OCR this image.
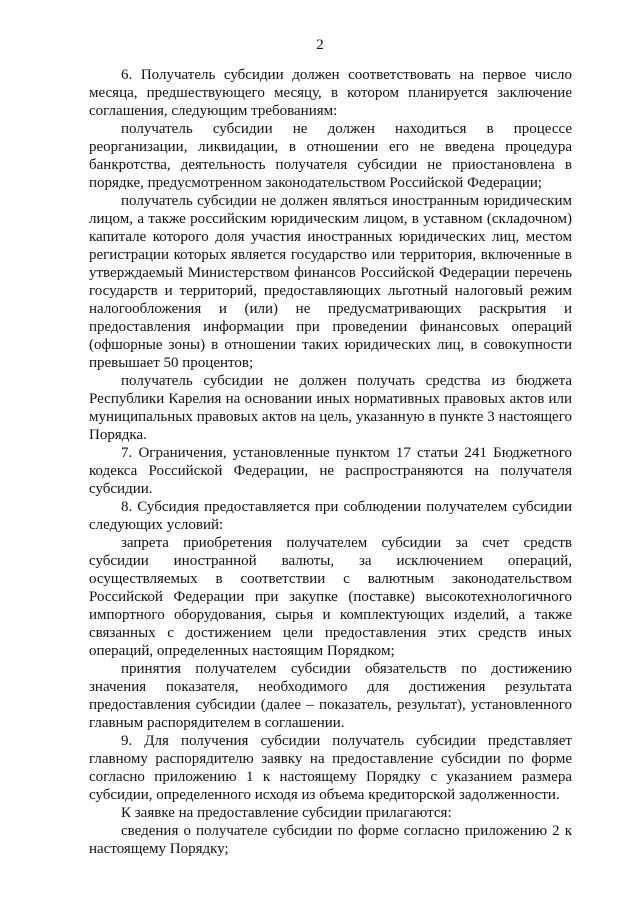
2

6. Получатель субсидии должен соответствовать на первое число месяца, предшествующего месяцу, в котором планируется заключение соглашения, следующим требованиям:

получатель субсидии не должен находиться в процессе реорганизации, ликвидации, в отношении его не введена процедура банкротства, деятельность получателя субсидии не приостановлена в порядке, предусмотренном законодательством Российской Федерации;

получатель субсидии не должен являться иностранным юридическим лицом, а также российским юридическим лицом, в уставном (складочном) капитале которого доля участия иностранных юридических лиц, местом регистрации которых является государство или территория, включенные в утверждаемый Министерством финансов Российской Федерации перечень государств и территорий, предоставляющих льготный налоговый режим налогообложения и (или) не предусматривающих раскрытия и предоставления информации при проведении финансовых операций (офшорные зоны) в отношении таких юридических лиц, в совокупности превышает 50 процентов;

получатель субсидии не должен получать средства из бюджета Республики Карелия на основании иных нормативных правовых актов или муниципальных правовых актов на цель, указанную в пункте 3 настоящего Порядка.

7. Ограничения, установленные пунктом 17 статьи 241 Бюджетного кодекса Российской Федерации, не распространяются на получателя субсидии.

8. Субсидия предоставляется при соблюдении получателем субсидии следующих условий:

запрета приобретения получателем субсидии за счет средств субсидии иностранной валюты, за исключением операций, осуществляемых в соответствии с валютным законодательством Российской Федерации при закупке (поставке) высокотехнологичного импортного оборудования, сырья и комплектующих изделий, а также связанных с достижением цели предоставления этих средств иных операций, определенных настоящим Порядком;

принятия получателем субсидии обязательств по достижению значения показателя, необходимого для достижения результата предоставления субсидии (далее – показатель, результат), установленного главным распорядителем в соглашении.

9. Для получения субсидии получатель субсидии представляет главному распорядителю заявку на предоставление субсидии по форме согласно приложению 1 к настоящему Порядку с указанием размера субсидии, определенного исходя из объема кредиторской задолженности.

К заявке на предоставление субсидии прилагаются:

сведения о получателе субсидии по форме согласно приложению 2 к настоящему Порядку;
